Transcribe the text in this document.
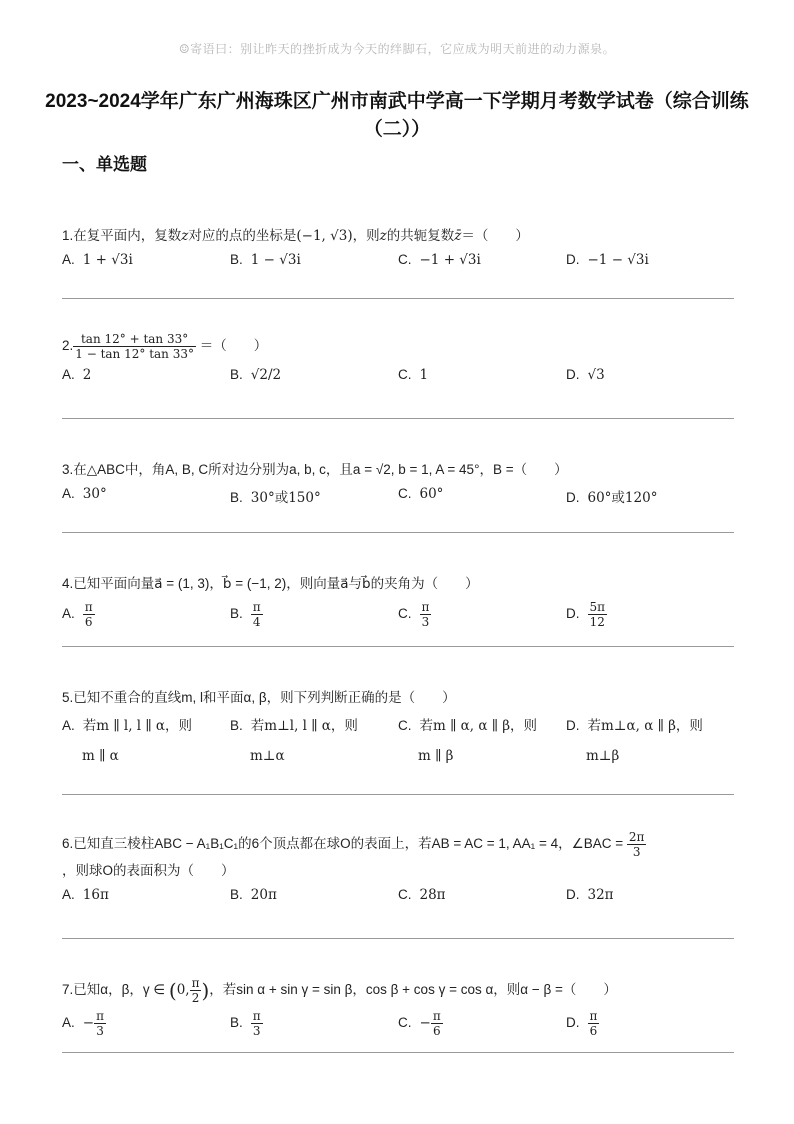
☺寄语曰：别让昨天的挫折成为今天的绊脚石，它应成为明天前进的动力源泉。
2023~2024学年广东广州海珠区广州市南武中学高一下学期月考数学试卷（综合训练（二））
一、单选题
1.在复平面内，复数z对应的点的坐标是(−1, √3)，则z的共轭复数z̄＝（　　）
A. 1 + √3i	B. 1 − √3i	C. −1 + √3i	D. −1 − √3i
2. $\frac{\tan 12^\circ + \tan 33^\circ}{1 - \tan 12^\circ \tan 33^\circ}$ ＝（　　）
A. 2	B. √2/2	C. 1	D. √3
3.在△ABC中，角A, B, C所对边分别为a, b, c，且a = √2, b = 1, A = 45°，B =（　　）
A. 30°	B. 30°或150°	C. 60°	D. 60°或120°
4.已知平面向量a⃗ = (1, 3)，b⃗ = (−1, 2)，则向量a⃗与b⃗的夹角为（　　）
A. $\frac{\pi}{6}$	B. $\frac{\pi}{4}$	C. $\frac{\pi}{3}$	D. $\frac{5\pi}{12}$
5.已知不重合的直线m, l和平面α, β，则下列判断正确的是（　　）
A. 若m ∥ l, l ∥ α，则
m ∥ α
B. 若m⊥l, l ∥ α，则
m⊥α
C. 若m ∥ α, α ∥ β，则
m ∥ β
D. 若m⊥α, α ∥ β，则
m⊥β
6.已知直三棱柱ABC − A₁B₁C₁的6个顶点都在球O的表面上，若AB = AC = 1, AA₁ = 4，∠BAC = $\frac{2\pi}{3}$
，则球O的表面积为（　　）
A. 16π	B. 20π	C. 28π	D. 32π
7.已知α，β，γ ∈ (0, $\frac{\pi}{2}$ )，若sin α + sin γ = sin β，cos β + cos γ = cos α，则α − β =（　　）
A. − $\frac{\pi}{3}$	B. $\frac{\pi}{3}$	C. − $\frac{\pi}{6}$	D. $\frac{\pi}{6}$
